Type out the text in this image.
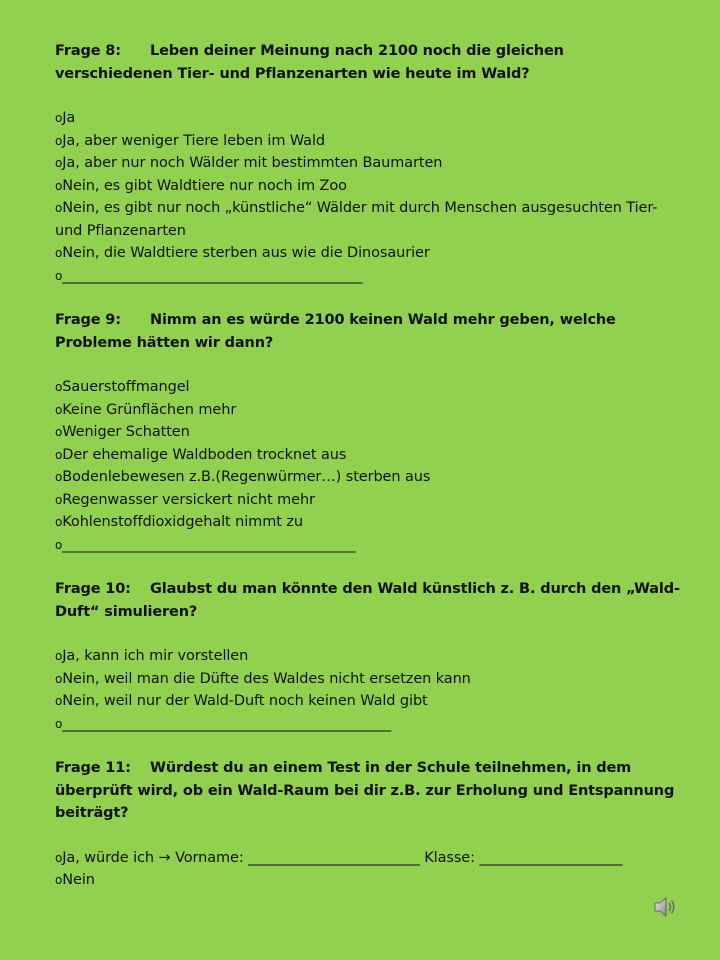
Frage 8: Leben deiner Meinung nach 2100 noch die gleichen verschiedenen Tier- und Pflanzenarten wie heute im Wald?
oJa
oJa, aber weniger Tiere leben im Wald
oJa, aber nur noch Wälder mit bestimmten Baumarten
oNein, es gibt Waldtiere nur noch im Zoo
oNein, es gibt nur noch „künstliche“ Wälder mit durch Menschen ausgesuchten Tier- und Pflanzenarten
oNein, die Waldtiere sterben aus wie die Dinosaurier
o__________________________________________
Frage 9: Nimm an es würde 2100 keinen Wald mehr geben, welche Probleme hätten wir dann?
oSauerstoffmangel
oKeine Grünflächen mehr
oWeniger Schatten
oDer ehemalige Waldboden trocknet aus
oBodenlebewesen z.B.(Regenwürmer…) sterben aus
oRegenwasser versickert nicht mehr
oKohlenstoffdioxidgehalt nimmt zu
o_________________________________________
Frage 10: Glaubst du man könnte den Wald künstlich z. B. durch den „Wald-Duft“ simulieren?
oJa, kann ich mir vorstellen
oNein, weil man die Düfte des Waldes nicht ersetzen kann
oNein, weil nur der Wald-Duft noch keinen Wald gibt
o______________________________________________
Frage 11: Würdest du an einem Test in der Schule teilnehmen, in dem überprüft wird, ob ein Wald-Raum bei dir z.B. zur Erholung und Entspannung beiträgt?
oJa, würde ich → Vorname: ________________________ Klasse: ____________________
oNein
